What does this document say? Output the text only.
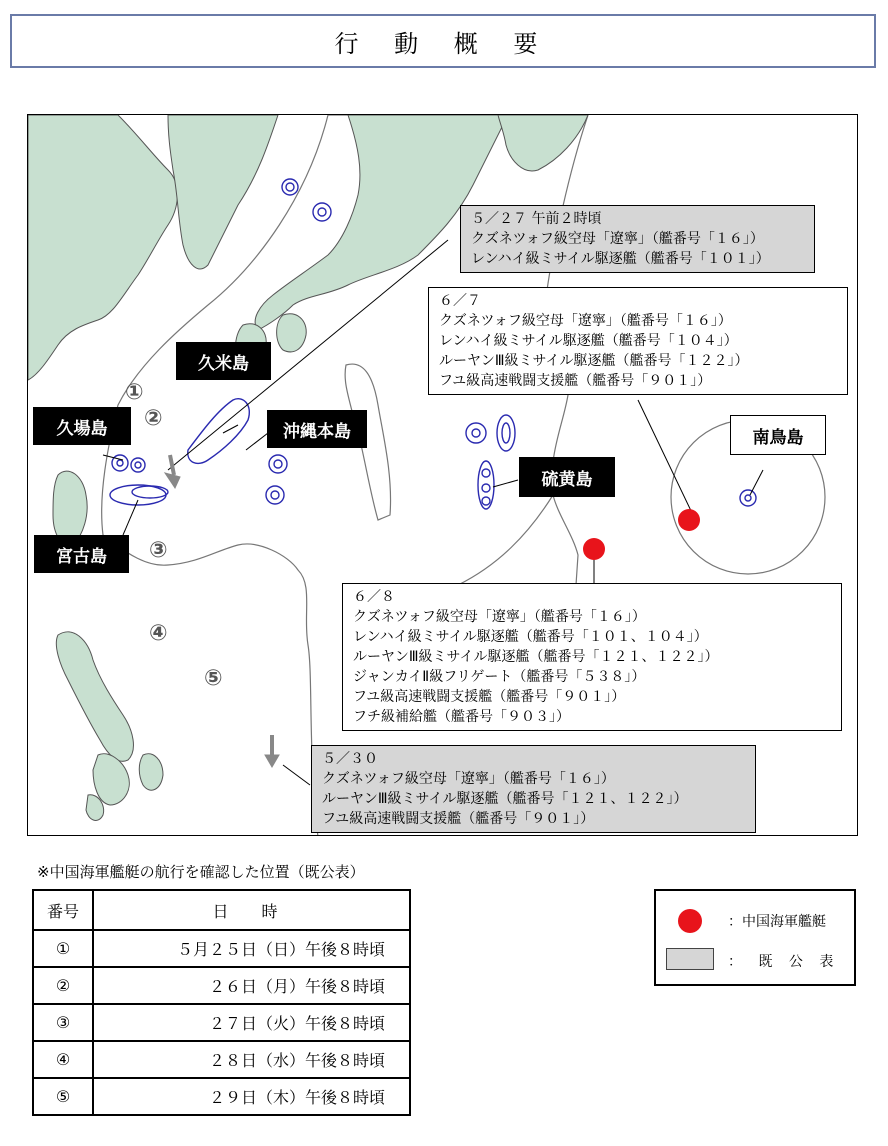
行 動 概 要
久米島
久場島	沖縄本島
宮古島
硫黄島
南鳥島
①
②
③
④
⑤
５／２７ 午前２時頃
クズネツォフ級空母「遼寧」（艦番号「１６」）
レンハイ級ミサイル駆逐艦（艦番号「１０１」）
６／７
クズネツォフ級空母「遼寧」（艦番号「１６」）
レンハイ級ミサイル駆逐艦（艦番号「１０４」）
ルーヤンⅢ級ミサイル駆逐艦（艦番号「１２２」）
フユ級高速戦闘支援艦（艦番号「９０１」）
６／８
クズネツォフ級空母「遼寧」（艦番号「１６」）
レンハイ級ミサイル駆逐艦（艦番号「１０１、１０４」）
ルーヤンⅢ級ミサイル駆逐艦（艦番号「１２１、１２２」）
ジャンカイⅡ級フリゲート（艦番号「５３８」）
フユ級高速戦闘支援艦（艦番号「９０１」）
フチ級補給艦（艦番号「９０３」）
５／３０
クズネツォフ級空母「遼寧」（艦番号「１６」）
ルーヤンⅢ級ミサイル駆逐艦（艦番号「１２１、１２２」）
フユ級高速戦闘支援艦（艦番号「９０１」）
※中国海軍艦艇の航行を確認した位置（既公表）
番号	日 時
①	５月２５日（日）午後８時頃
②	２６日（月）午後８時頃
③	２７日（火）午後８時頃
④	２８日（水）午後８時頃
⑤	２９日（木）午後８時頃
：中国海軍艦艇
： 既 公 表
